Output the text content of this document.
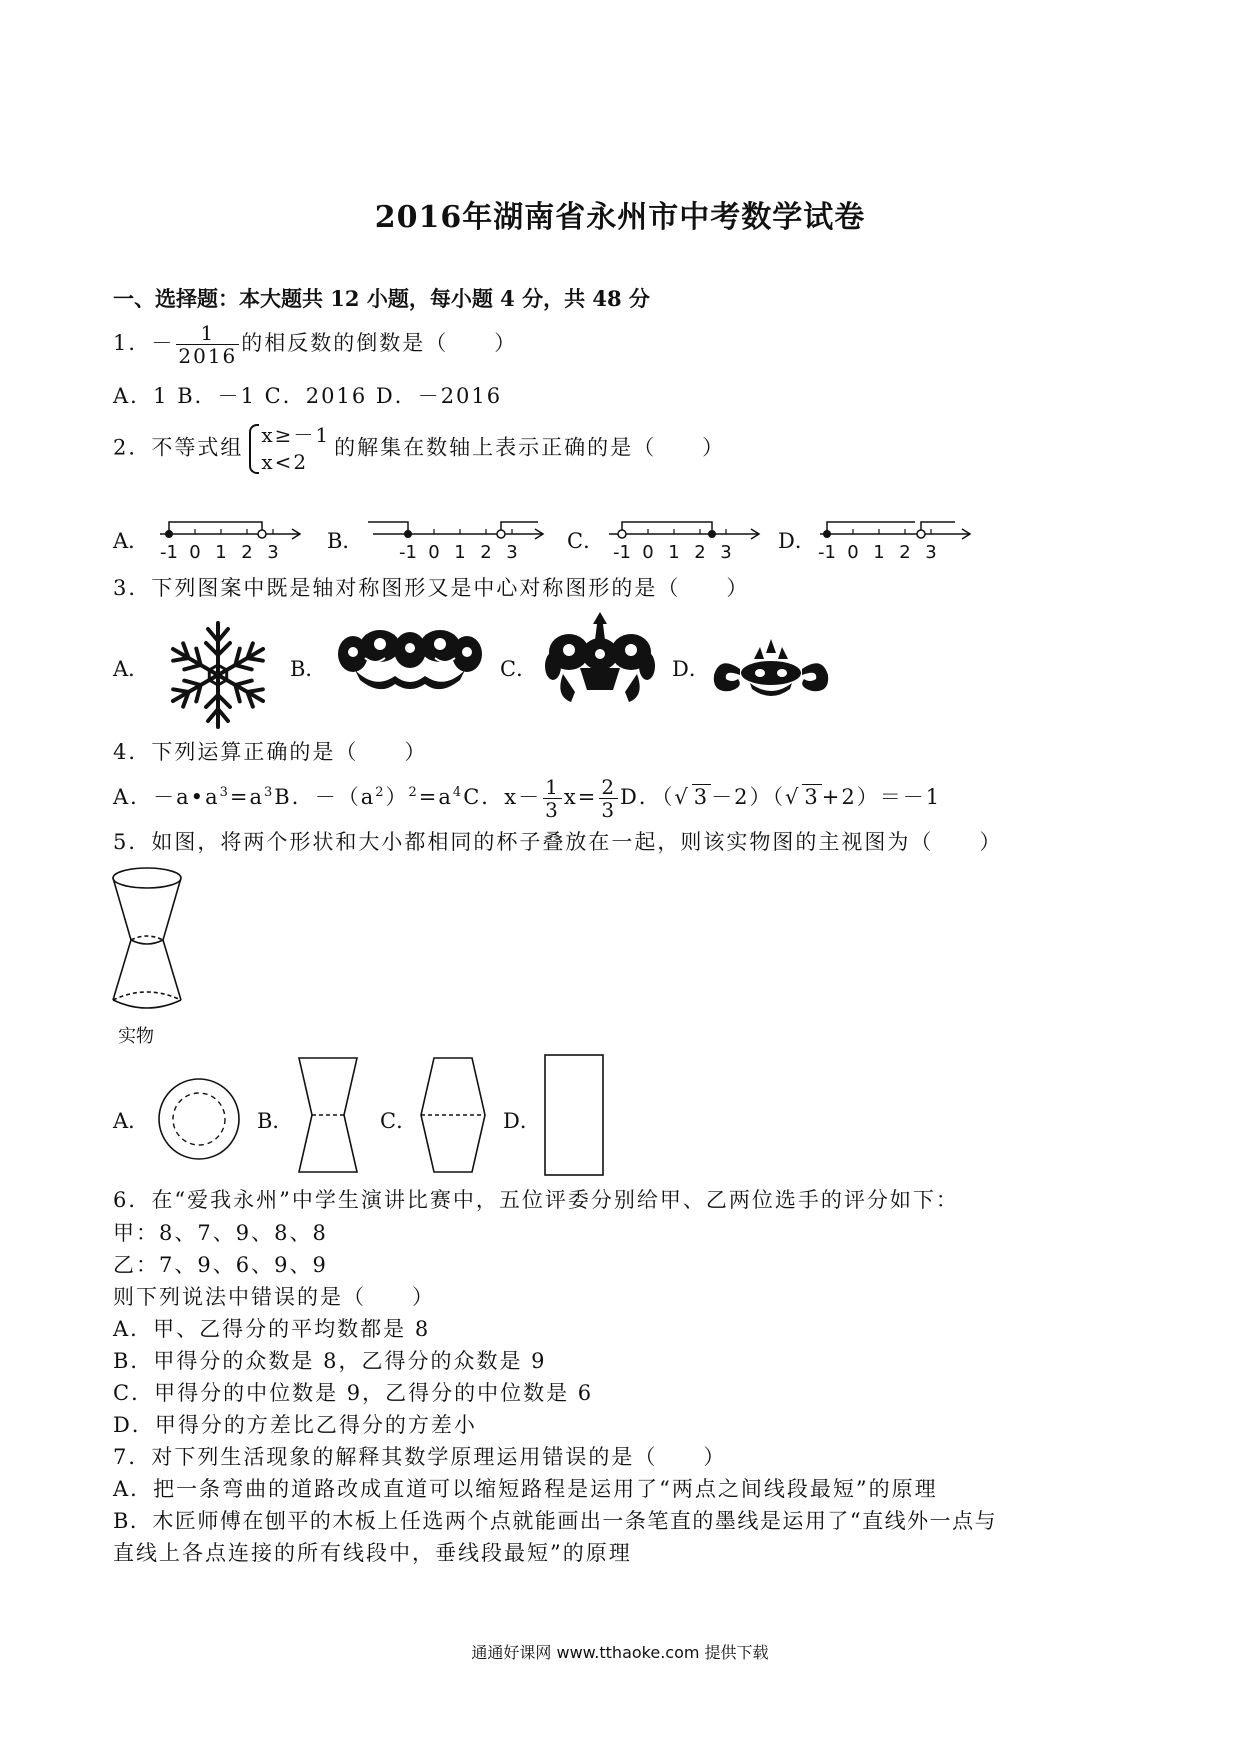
2016年湖南省永州市中考数学试卷
一、选择题：本大题共 12 小题，每小题 4 分，共 48 分
1．－ $\frac{1}{2016}$ 的相反数的倒数是（　　）
A．1 B．－1 C．2016 D．－2016
2．不等式组
x≥－1
x<2
的解集在数轴上表示正确的是（　　）
A．	B．	C．	D．
-1 0 1 2 3	-1 0 1 2 3	-1 0 1 2 3	-1 0 1 2 3
3．下列图案中既是轴对称图形又是中心对称图形的是（　　）
A．	B．	C．	D．
4．下列运算正确的是（　　）
A．$-a•a^3=a^3B$．$-(a^2)^2=a^4C$．$x- \frac{1}{3} x= \frac{2}{3}$ D．（√ 3－2）（√ 3+2）＝－1
5．如图，将两个形状和大小都相同的杯子叠放在一起，则该实物图的主视图为（　　）
实物
A．	B．	C．	D．
6．在“爱我永州”中学生演讲比赛中，五位评委分别给甲、乙两位选手的评分如下：
甲：8、7、9、8、8
乙：7、9、6、9、9
则下列说法中错误的是（　　）
A．甲、乙得分的平均数都是 8
B．甲得分的众数是 8，乙得分的众数是 9
C．甲得分的中位数是 9，乙得分的中位数是 6
D．甲得分的方差比乙得分的方差小
7．对下列生活现象的解释其数学原理运用错误的是（　　）
A．把一条弯曲的道路改成直道可以缩短路程是运用了“两点之间线段最短”的原理
B．木匠师傅在刨平的木板上任选两个点就能画出一条笔直的墨线是运用了“直线外一点与
直线上各点连接的所有线段中，垂线段最短”的原理
通通好课网 www.tthaoke.com 提供下载
